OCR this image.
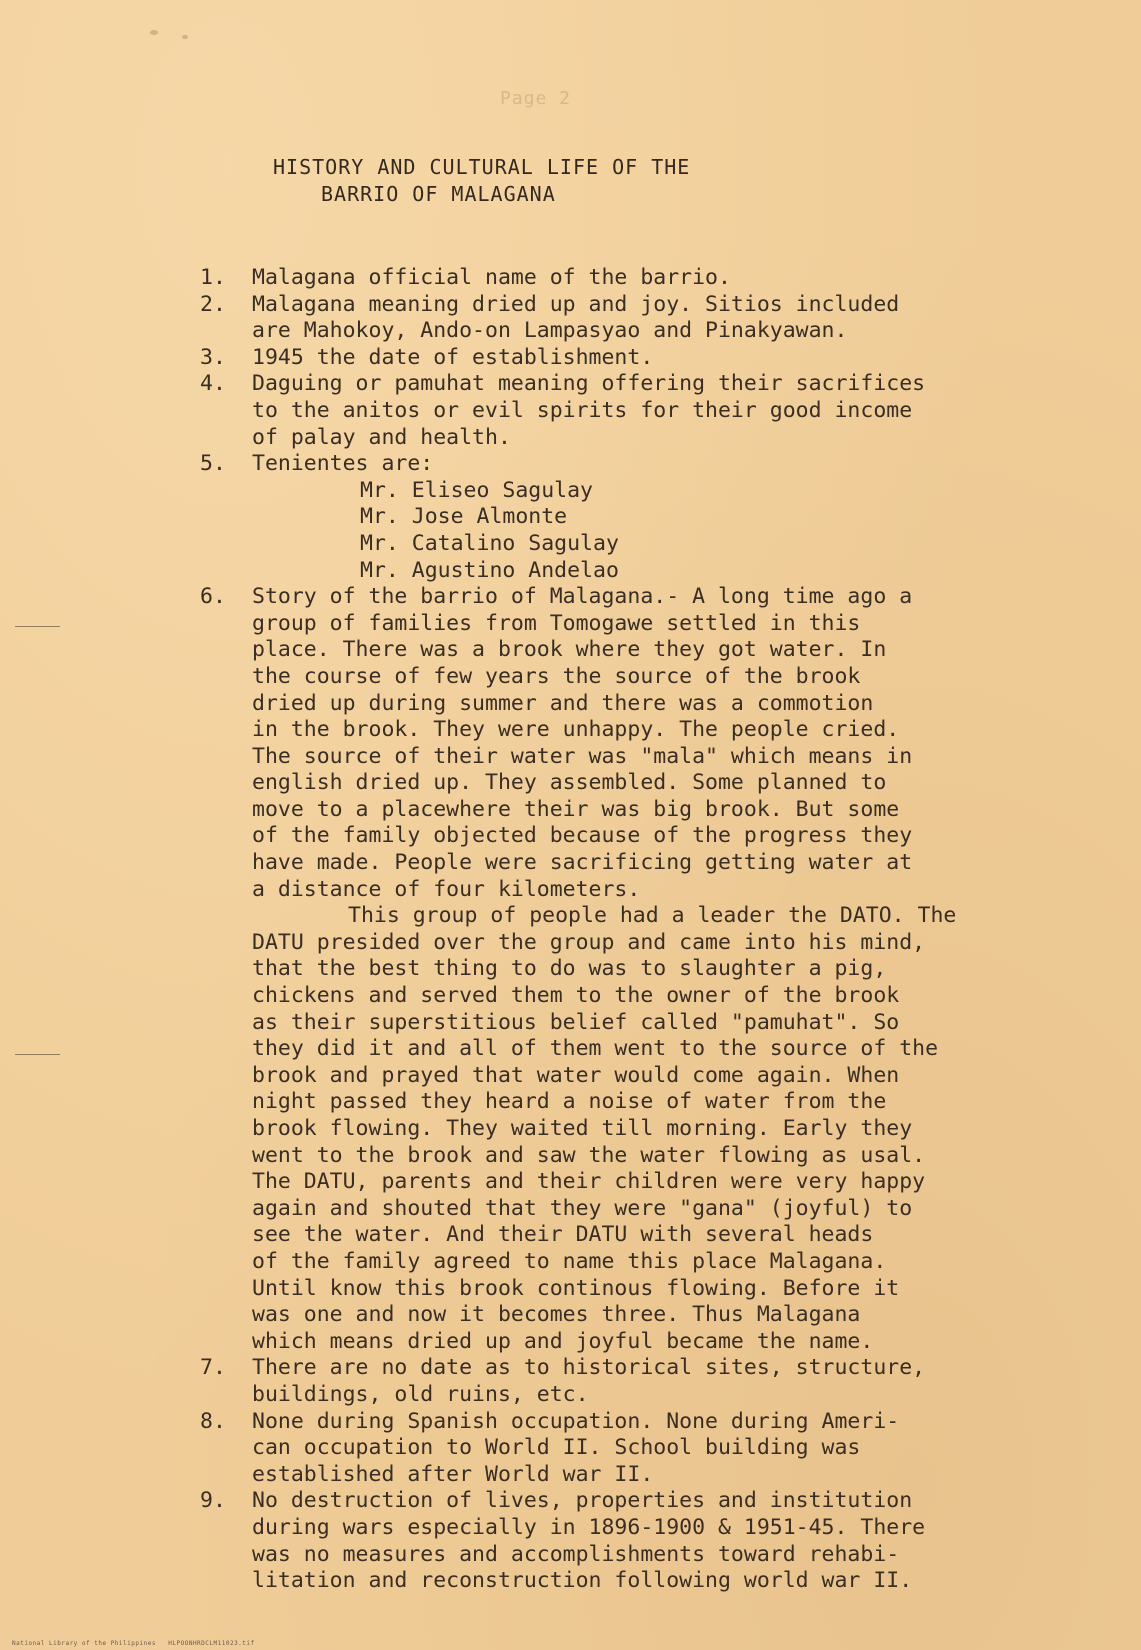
Page 2
HISTORY AND CULTURAL LIFE OF THE
BARRIO OF MALAGANA
1. Malagana official name of the barrio.
2. Malagana meaning dried up and joy. Sitios included
are Mahokoy, Ando-on Lampasyao and Pinakyawan.
3. 1945 the date of establishment.
4. Daguing or pamuhat meaning offering their sacrifices
to the anitos or evil spirits for their good income
of palay and health.
5. Tenientes are:
Mr. Eliseo Sagulay
Mr. Jose Almonte
Mr. Catalino Sagulay
Mr. Agustino Andelao
6. Story of the barrio of Malagana.- A long time ago a
group of families from Tomogawe settled in this
place. There was a brook where they got water. In
the course of few years the source of the brook
dried up during summer and there was a commotion
in the brook. They were unhappy. The people cried.
The source of their water was "mala" which means in
english dried up. They assembled. Some planned to
move to a placewhere their was big brook. But some
of the family objected because of the progress they
have made. People were sacrificing getting water at
a distance of four kilometers.
This group of people had a leader the DATO. The
DATU presided over the group and came into his mind,
that the best thing to do was to slaughter a pig,
chickens and served them to the owner of the brook
as their superstitious belief called "pamuhat". So
they did it and all of them went to the source of the
brook and prayed that water would come again. When
night passed they heard a noise of water from the
brook flowing. They waited till morning. Early they
went to the brook and saw the water flowing as usal.
The DATU, parents and their children were very happy
again and shouted that they were "gana" (joyful) to
see the water. And their DATU with several heads
of the family agreed to name this place Malagana.
Until know this brook continous flowing. Before it
was one and now it becomes three. Thus Malagana
which means dried up and joyful became the name.
7. There are no date as to historical sites, structure,
buildings, old ruins, etc.
8. None during Spanish occupation. None during Ameri-
can occupation to World II. School building was
established after World war II.
9. No destruction of lives, properties and institution
during wars especially in 1896-1900 & 1951-45. There
was no measures and accomplishments toward rehabi-
litation and reconstruction following world war II.
National Library of the Philippines   HLPOONHRDCLM11023.tif
